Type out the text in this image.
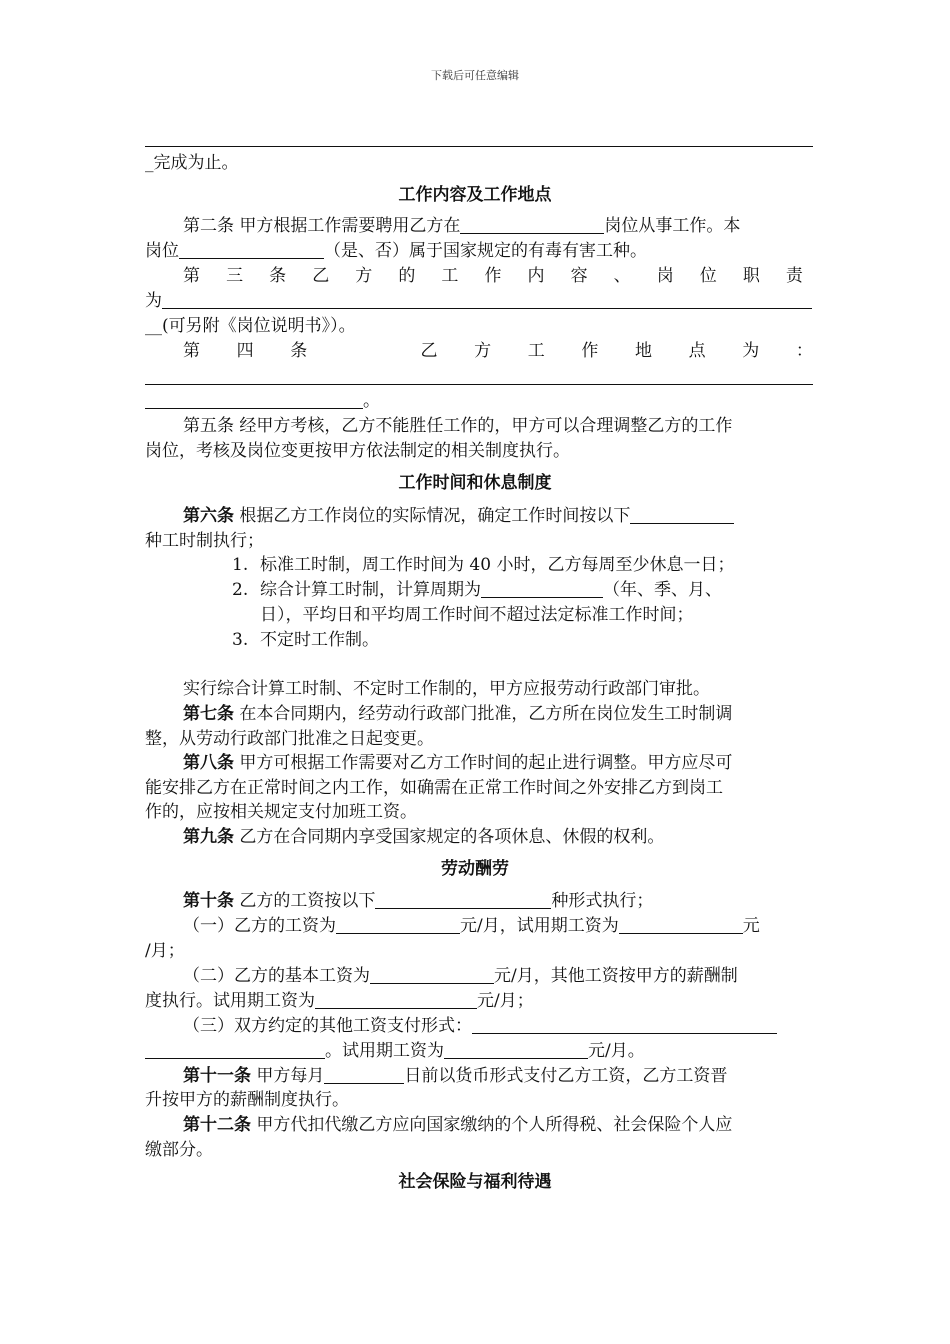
下载后可任意编辑
_完成为止。
工作内容及工作地点
第二条 甲方根据工作需要聘用乙方在	岗位从事工作。本
岗位	（是、否）属于国家规定的有毒有害工种。
第 三 条 乙 方 的 工 作 内 容 、 岗 位 职 责
为
__(可另附《岗位说明书》）。
第 四 条	乙 方 工 作 地 点 为 ：
。
第五条 经甲方考核，乙方不能胜任工作的，甲方可以合理调整乙方的工作
岗位，考核及岗位变更按甲方依法制定的相关制度执行。
工作时间和休息制度
第六条 根据乙方工作岗位的实际情况，确定工作时间按以下
种工时制执行；
1. 标准工时制，周工作时间为 40 小时，乙方每周至少休息一日；
2. 综合计算工时制，计算周期为	（年、季、月、
日），平均日和平均周工作时间不超过法定标准工作时间；
3. 不定时工作制。
实行综合计算工时制、不定时工作制的，甲方应报劳动行政部门审批。
第七条 在本合同期内，经劳动行政部门批准，乙方所在岗位发生工时制调
整，从劳动行政部门批准之日起变更。
第八条 甲方可根据工作需要对乙方工作时间的起止进行调整。甲方应尽可
能安排乙方在正常时间之内工作，如确需在正常工作时间之外安排乙方到岗工
作的，应按相关规定支付加班工资。
第九条 乙方在合同期内享受国家规定的各项休息、休假的权利。
劳动酬劳
第十条 乙方的工资按以下	种形式执行；
（一）乙方的工资为	元/月，试用期工资为	元
/月；
（二）乙方的基本工资为	元/月，其他工资按甲方的薪酬制
度执行。试用期工资为	元/月；
（三）双方约定的其他工资支付形式：
。试用期工资为	元/月。
第十一条 甲方每月	日前以货币形式支付乙方工资，乙方工资晋
升按甲方的薪酬制度执行。
第十二条 甲方代扣代缴乙方应向国家缴纳的个人所得税、社会保险个人应
缴部分。
社会保险与福利待遇
